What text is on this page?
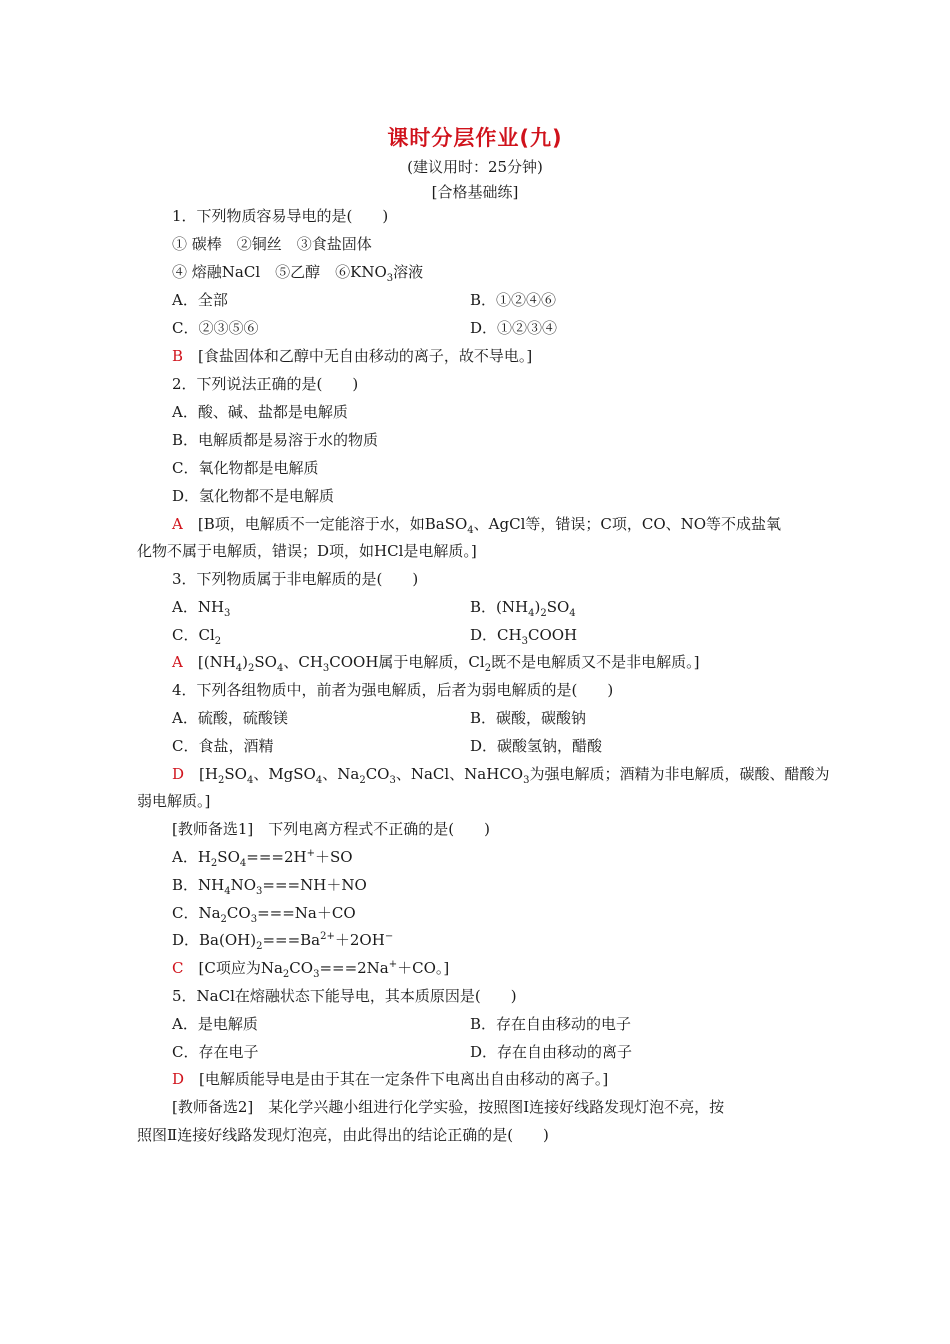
课时分层作业(九)
(建议用时：25分钟)
[合格基础练]
1．下列物质容易导电的是(　　)
① 碳棒　②铜丝　③食盐固体
④ 熔融NaCl　⑤乙醇　$⑥KNO_3$溶液
A．全部	B．①②④⑥
C．②③⑤⑥	D．①②③④
B　 [食盐固体和乙醇中无自由移动的离子，故不导电。]
2．下列说法正确的是(　　)
A．酸、碱、盐都是电解质
B．电解质都是易溶于水的物质
C．氧化物都是电解质
D．氢化物都不是电解质
A　 [B项，电解质不一定能溶于水，如BaSO$_4$、AgCl等，错误；C项，CO、NO等不成盐氧
化物不属于电解质，错误；D项，如HCl是电解质。]
3．下列物质属于非电解质的是(　　)
A．$NH_3$	B．$(NH_4)_2SO_4$
C．$Cl_2$	D．$CH_3COOH$
A　 [$(NH_4)_2SO_4$、$CH_3COOH$属于电解质，$Cl_2$既不是电解质又不是非电解质。]
4．下列各组物质中，前者为强电解质，后者为弱电解质的是(　　)
A．硫酸，硫酸镁	B．碳酸，碳酸钠
C．食盐，酒精	D．碳酸氢钠，醋酸
D　 [$H_2SO_4$、MgSO$_4$、$Na_2CO_3$、NaCl、NaHCO$_3$为强电解质；酒精为非电解质，碳酸、醋酸为
弱电解质。]
[教师备选1]　下列电离方程式不正确的是(　　)
A．$H_2SO_4===2H^++SO$
B．$NH_4NO_3===NH+NO$
C．$Na_2CO_3===Na+CO$
D．$Ba(OH)_2===Ba^{2+}+2OH^-$
C　 [C项应为$Na_2CO_3===2Na^++CO$。]
5．NaCl在熔融状态下能导电，其本质原因是(　　)
A．是电解质	B．存在自由移动的电子
C．存在电子	D．存在自由移动的离子
D　 [电解质能导电是由于其在一定条件下电离出自由移动的离子。]
[教师备选2]　某化学兴趣小组进行化学实验，按照图Ⅰ连接好线路发现灯泡不亮，按
照图Ⅱ连接好线路发现灯泡亮，由此得出的结论正确的是(　　)
